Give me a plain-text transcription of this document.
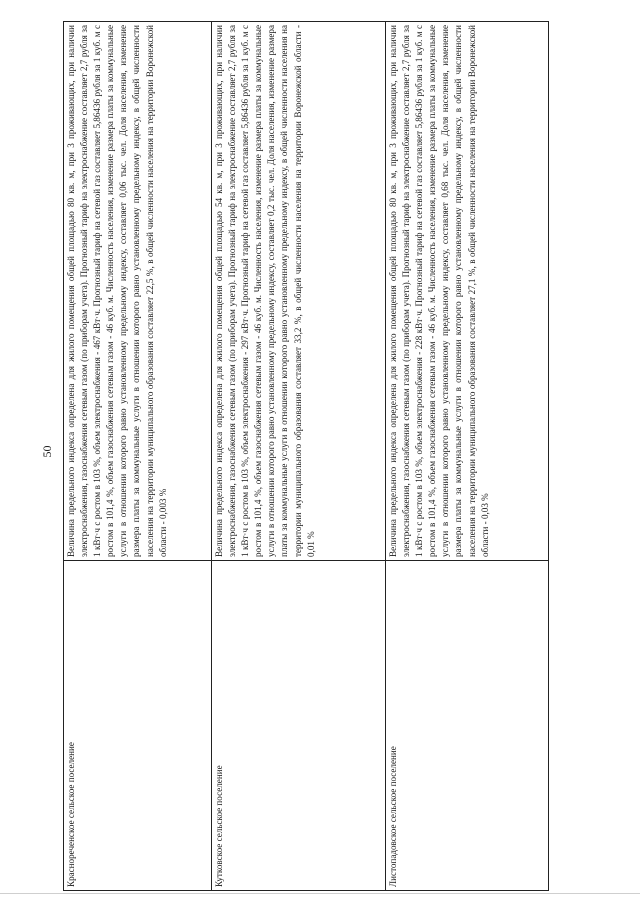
50
Краснореченское сельское поселение	Величина предельного индекса определена для жилого помещения общей площадью 80 кв. м, при 3 проживающих, при наличии электроснабжения, газоснабжения сетевым газом (по приборам учета). Прогнозный тариф на электроснабжение составляет 2,7 рубля за 1 кВт·ч с ростом в 103 %, объем электроснабжения - 467 кВт·ч. Прогнозный тариф на сетевой газ составляет 5,86436 рубля за 1 куб. м с ростом в 101,4 %, объем газоснабжения сетевым газом - 46 куб. м. Численность населения, изменение размера платы за коммунальные услуги в отношении которого равно установленному предельному индексу, составляет 0,06 тыс. чел. Доля населения, изменение размера платы за коммунальные услуги в отношении которого равно установленному предельному индексу, в общей численности населения на территории муниципального образования составляет 22,5 %, в общей численности населения на территории Воронежской области - 0,003 %
Кутковское сельское поселение	Величина предельного индекса определена для жилого помещения общей площадью 54 кв. м, при 3 проживающих, при наличии электроснабжения, газоснабжения сетевым газом (по приборам учета). Прогнозный тариф на электроснабжение составляет 2,7 рубля за 1 кВт·ч с ростом в 103 %, объем электроснабжения - 297 кВт·ч. Прогнозный тариф на сетевой газ составляет 5,86436 рубля за 1 куб. м с ростом в 101,4 %, объем газоснабжения сетевым газом - 46 куб. м. Численность населения, изменение размера платы за коммунальные услуги в отношении которого равно установленному предельному индексу, составляет 0,2 тыс. чел. Доля населения, изменение размера платы за коммунальные услуги в отношении которого равно установленному предельному индексу, в общей численности населения на территории муниципального образования составляет 33,2 %, в общей численности населения на территории Воронежской области - 0,01 %
Листопадовское сельское поселение	Величина предельного индекса определена для жилого помещения общей площадью 80 кв. м, при 3 проживающих, при наличии электроснабжения, газоснабжения сетевым газом (по приборам учета). Прогнозный тариф на электроснабжение составляет 2,7 рубля за 1 кВт·ч с ростом в 103 %, объем электроснабжения - 228 кВт·ч. Прогнозный тариф на сетевой газ составляет 5,86436 рубля за 1 куб. м с ростом в 101,4 %, объем газоснабжения сетевым газом - 46 куб. м. Численность населения, изменение размера платы за коммунальные услуги в отношении которого равно установленному предельному индексу, составляет 0,68 тыс. чел. Доля населения, изменение размера платы за коммунальные услуги в отношении которого равно установленному предельному индексу, в общей численности населения на территории муниципального образования составляет 27,1 %, в общей численности населения на территории Воронежской области - 0,03 %
